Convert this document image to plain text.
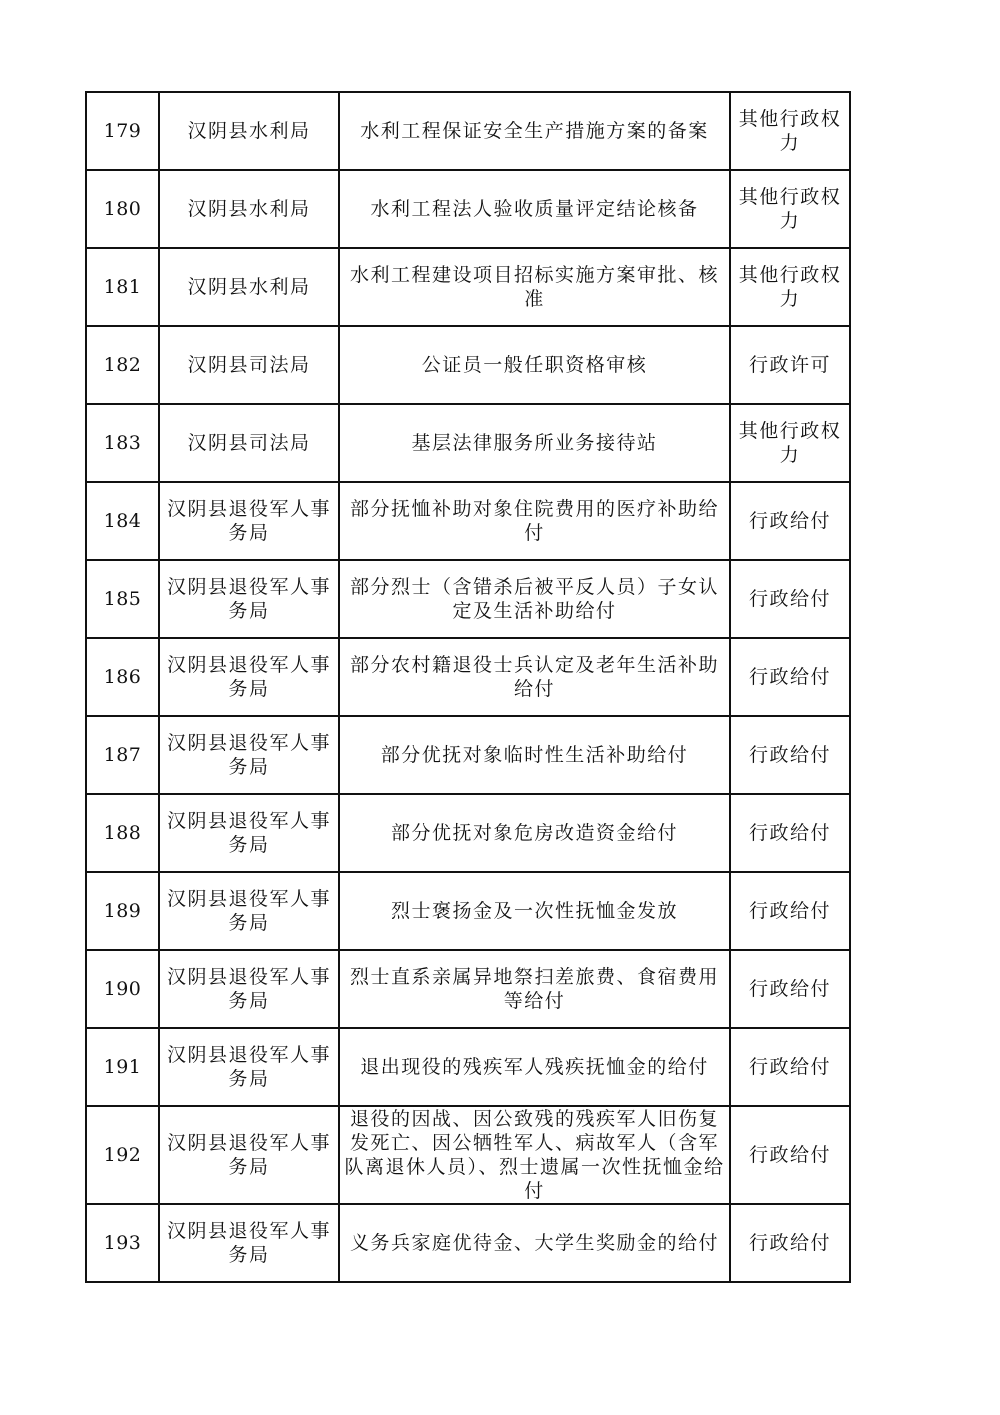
179	汉阴县水利局	水利工程保证安全生产措施方案的备案	其他行政权力
180	汉阴县水利局	水利工程法人验收质量评定结论核备	其他行政权力
181	汉阴县水利局	水利工程建设项目招标实施方案审批、核准	其他行政权力
182	汉阴县司法局	公证员一般任职资格审核	行政许可
183	汉阴县司法局	基层法律服务所业务接待站	其他行政权力
184	汉阴县退役军人事务局	部分抚恤补助对象住院费用的医疗补助给付	行政给付
185	汉阴县退役军人事务局	部分烈士（含错杀后被平反人员）子女认定及生活补助给付	行政给付
186	汉阴县退役军人事务局	部分农村籍退役士兵认定及老年生活补助给付	行政给付
187	汉阴县退役军人事务局	部分优抚对象临时性生活补助给付	行政给付
188	汉阴县退役军人事务局	部分优抚对象危房改造资金给付	行政给付
189	汉阴县退役军人事务局	烈士褒扬金及一次性抚恤金发放	行政给付
190	汉阴县退役军人事务局	烈士直系亲属异地祭扫差旅费、食宿费用等给付	行政给付
191	汉阴县退役军人事务局	退出现役的残疾军人残疾抚恤金的给付	行政给付
192	汉阴县退役军人事务局	退役的因战、因公致残的残疾军人旧伤复发死亡、因公牺牲军人、病故军人（含军队离退休人员）、烈士遗属一次性抚恤金给付	行政给付
193	汉阴县退役军人事务局	义务兵家庭优待金、大学生奖励金的给付	行政给付
